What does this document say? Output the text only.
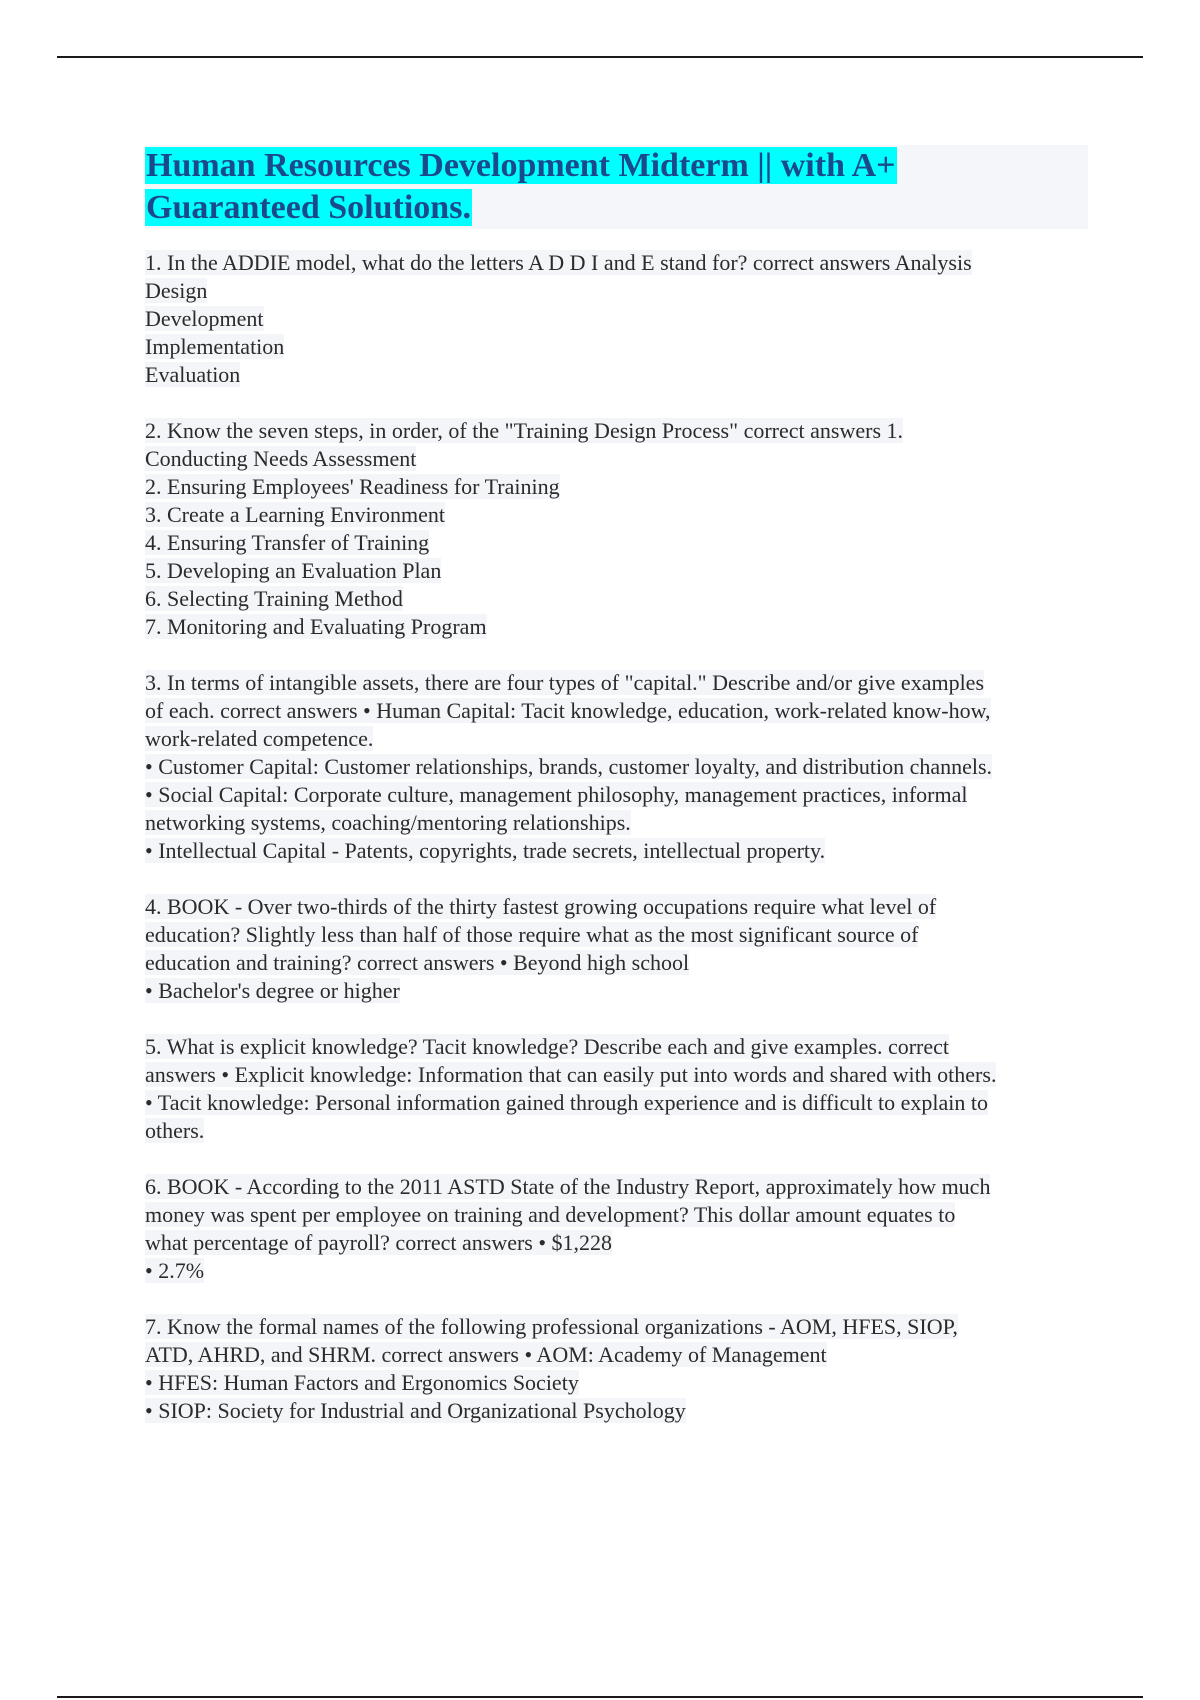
Human Resources Development Midterm || with A+
Guaranteed Solutions.
1. In the ADDIE model, what do the letters A D D I and E stand for? correct answers Analysis
Design
Development
Implementation
Evaluation
2. Know the seven steps, in order, of the "Training Design Process" correct answers 1.
Conducting Needs Assessment
2. Ensuring Employees' Readiness for Training
3. Create a Learning Environment
4. Ensuring Transfer of Training
5. Developing an Evaluation Plan
6. Selecting Training Method
7. Monitoring and Evaluating Program
3. In terms of intangible assets, there are four types of "capital." Describe and/or give examples
of each. correct answers • Human Capital: Tacit knowledge, education, work-related know-how,
work-related competence.
• Customer Capital: Customer relationships, brands, customer loyalty, and distribution channels.
• Social Capital: Corporate culture, management philosophy, management practices, informal
networking systems, coaching/mentoring relationships.
• Intellectual Capital - Patents, copyrights, trade secrets, intellectual property.
4. BOOK - Over two-thirds of the thirty fastest growing occupations require what level of
education? Slightly less than half of those require what as the most significant source of
education and training? correct answers • Beyond high school
• Bachelor's degree or higher
5. What is explicit knowledge? Tacit knowledge? Describe each and give examples. correct
answers • Explicit knowledge: Information that can easily put into words and shared with others.
• Tacit knowledge: Personal information gained through experience and is difficult to explain to
others.
6. BOOK - According to the 2011 ASTD State of the Industry Report, approximately how much
money was spent per employee on training and development? This dollar amount equates to
what percentage of payroll? correct answers • $1,228
• 2.7%
7. Know the formal names of the following professional organizations - AOM, HFES, SIOP,
ATD, AHRD, and SHRM. correct answers • AOM: Academy of Management
• HFES: Human Factors and Ergonomics Society
• SIOP: Society for Industrial and Organizational Psychology
